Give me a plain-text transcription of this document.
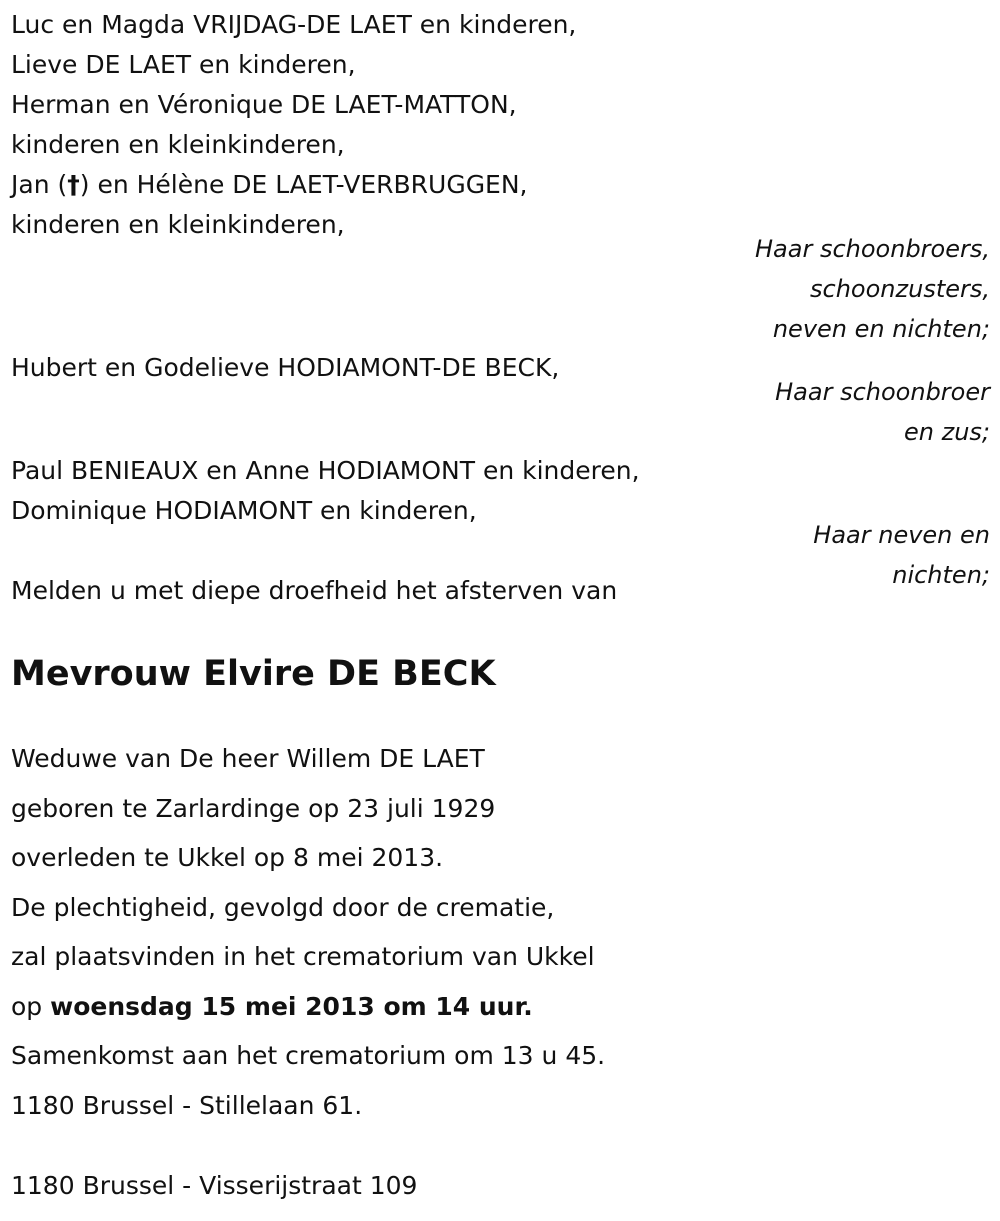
Luc en Magda VRIJDAG-DE LAET en kinderen,
Lieve DE LAET en kinderen,
Herman en Véronique DE LAET-MATTON,
kinderen en kleinkinderen,
Jan (†) en Hélène DE LAET-VERBRUGGEN,
kinderen en kleinkinderen,
Hubert en Godelieve HODIAMONT-DE BECK,
Paul BENIEAUX en Anne HODIAMONT en kinderen,
Dominique HODIAMONT en kinderen,
Melden u met diepe droefheid het afsterven van
Haar schoonbroers,
schoonzusters,
neven en nichten;
Haar schoonbroer
en zus;
Haar neven en
nichten;
Mevrouw Elvire DE BECK
Weduwe van De heer Willem DE LAET
geboren te Zarlardinge op 23 juli 1929
overleden te Ukkel op 8 mei 2013.
De plechtigheid, gevolgd door de crematie,
zal plaatsvinden in het crematorium van Ukkel
op woensdag 15 mei 2013 om 14 uur.
Samenkomst aan het crematorium om 13 u 45.
1180 Brussel - Stillelaan 61.
1180 Brussel - Visserijstraat 109
